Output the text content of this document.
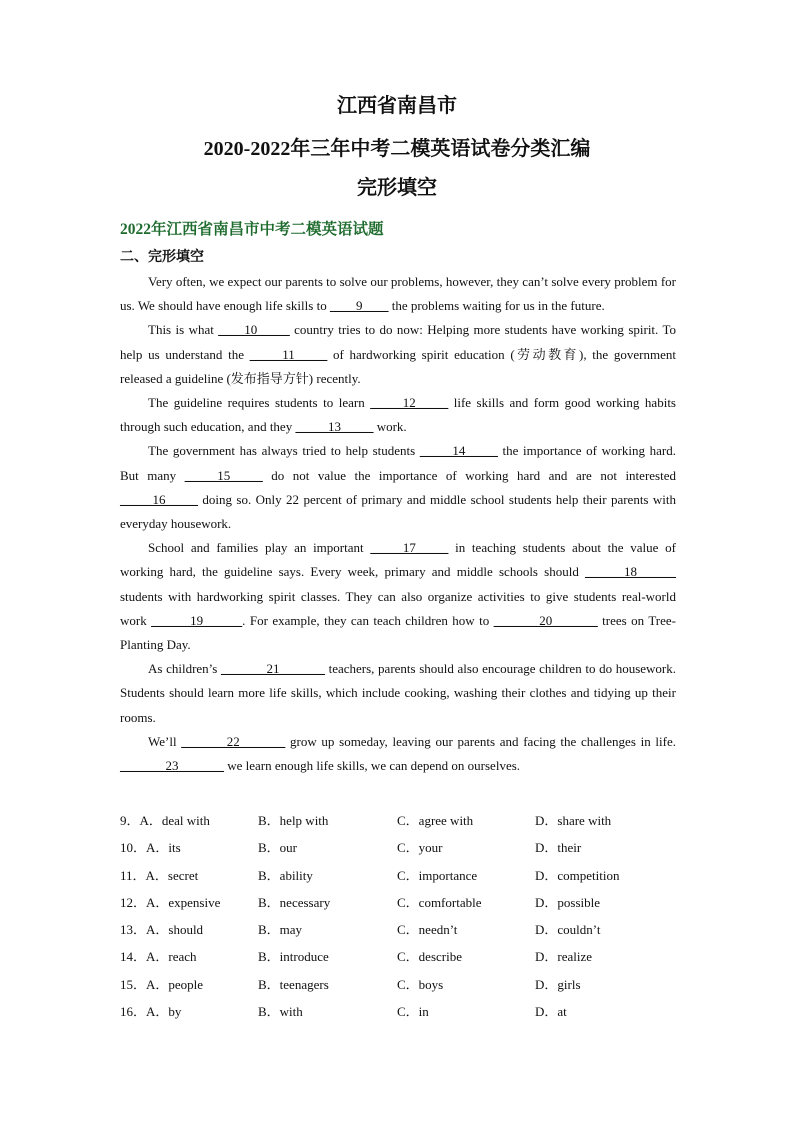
江西省南昌市
2020-2022年三年中考二模英语试卷分类汇编
完形填空
2022年江西省南昌市中考二模英语试题
二、完形填空

Very often, we expect our parents to solve our problems, however, they can’t solve every problem for us. We should have enough life skills to ____9____ the problems waiting for us in the future.

This is what ____10_____ country tries to do now: Helping more students have working spirit. To help us understand the _____11_____ of hardworking spirit education (劳动教育), the government released a guideline (发布指导方针) recently.

The guideline requires students to learn _____12_____ life skills and form good working habits through such education, and they _____13_____ work.

The government has always tried to help students _____14_____ the importance of working hard. But many _____15_____ do not value the importance of working hard and are not interested _____16_____ doing so. Only 22 percent of primary and middle school students help their parents with everyday housework.

School and families play an important _____17_____ in teaching students about the value of working hard, the guideline says. Every week, primary and middle schools should ______18______ students with hardworking spirit classes. They can also organize activities to give students real-world work ______19______. For example, they can teach children how to _______20_______ trees on Tree-Planting Day.

As children’s _______21_______ teachers, parents should also encourage children to do housework. Students should learn more life skills, which include cooking, washing their clothes and tidying up their rooms.

We’ll _______22_______ grow up someday, leaving our parents and facing the challenges in life. _______23_______ we learn enough life skills, we can depend on ourselves.

9．A．deal with	B．help with	C．agree with	D．share with
10．A．its	B．our	C．your	D．their
11．A．secret	B．ability	C．importance	D．competition
12．A．expensive	B．necessary	C．comfortable	D．possible
13．A．should	B．may	C．needn’t	D．couldn’t
14．A．reach	B．introduce	C．describe	D．realize
15．A．people	B．teenagers	C．boys	D．girls
16．A．by	B．with	C．in	D．at
